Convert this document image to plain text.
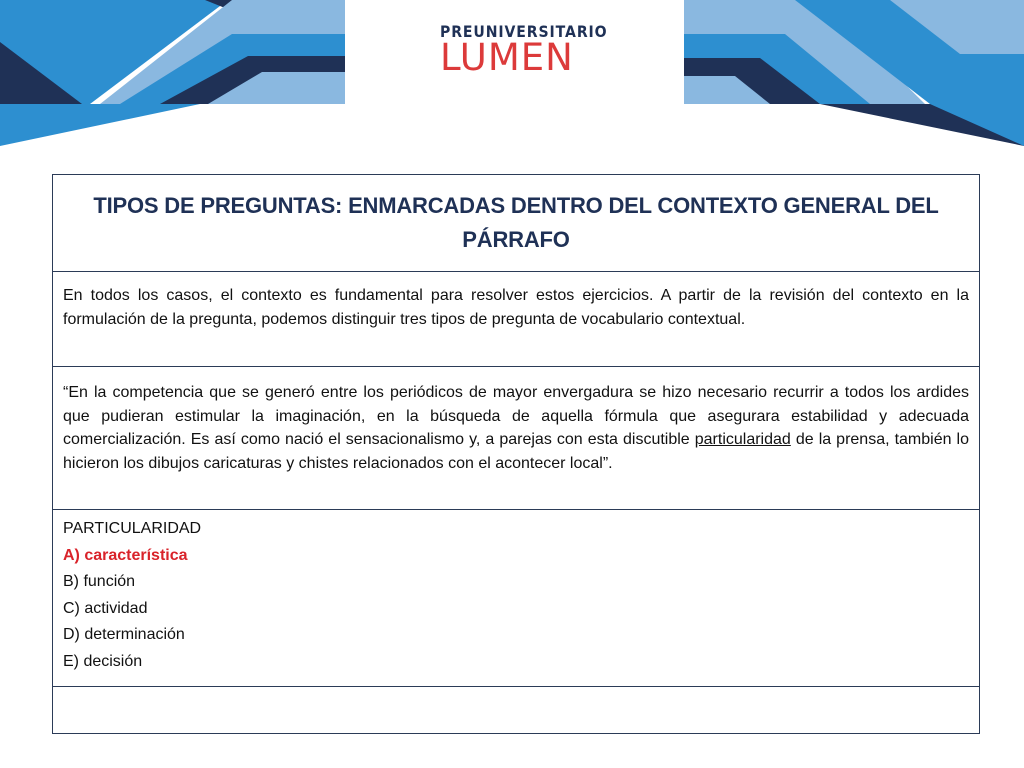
PREUNIVERSITARIO
LUMEN
TIPOS DE PREGUNTAS: ENMARCADAS DENTRO DEL CONTEXTO GENERAL DEL PÁRRAFO

En todos los casos, el contexto es fundamental para resolver estos ejercicios. A partir de la revisión del contexto en la formulación de la pregunta, podemos distinguir tres tipos de pregunta de vocabulario contextual.

“En la competencia que se generó entre los periódicos de mayor envergadura se hizo necesario recurrir a todos los ardides que pudieran estimular la imaginación, en la búsqueda de aquella fórmula que asegurara estabilidad y adecuada comercialización. Es así como nació el sensacionalismo y, a parejas con esta discutible particularidad de la prensa, también lo hicieron los dibujos caricaturas y chistes relacionados con el acontecer local”.

PARTICULARIDAD
A) característica
B) función
C) actividad
D) determinación
E) decisión
